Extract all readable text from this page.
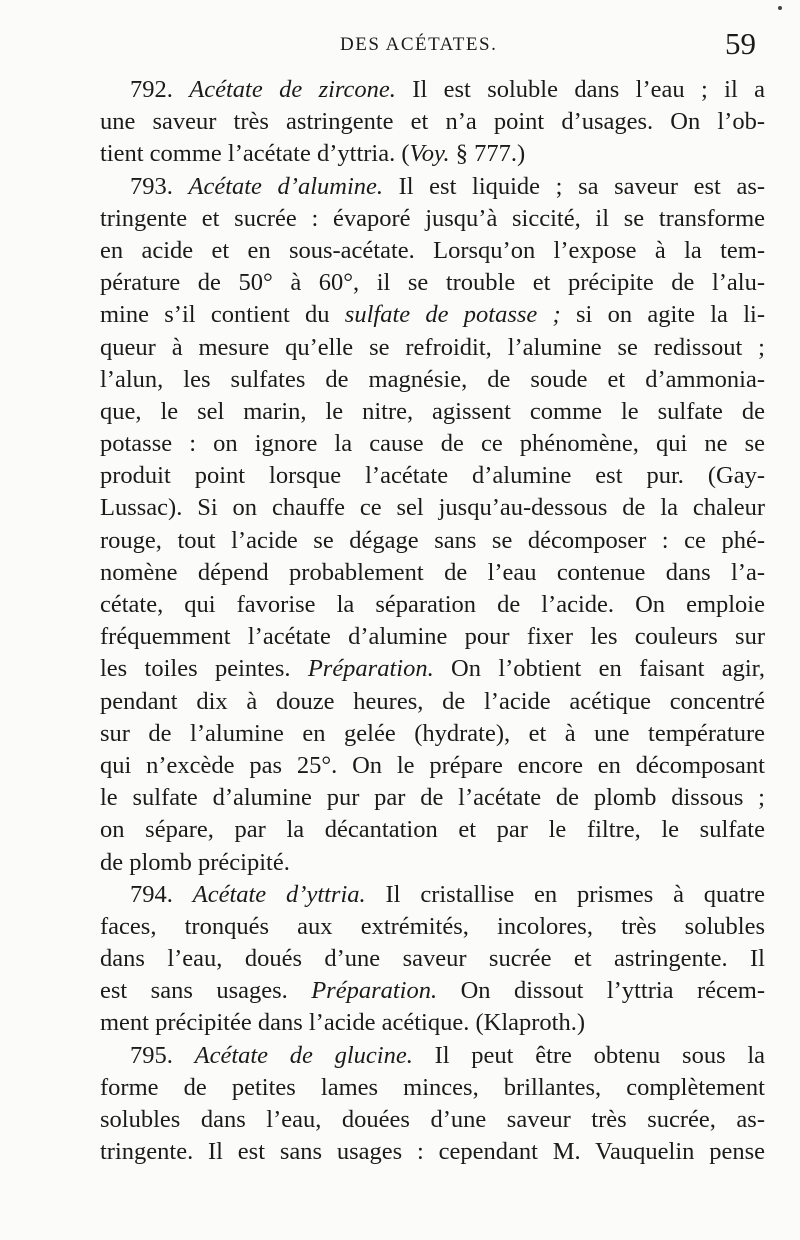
DES ACÉTATES.	59
792. Acétate de zircone. Il est soluble dans l’eau ; il a
une saveur très astringente et n’a point d’usages. On l’ob-
tient comme l’acétate d’yttria. (Voy. § 777.)
793. Acétate d’alumine. Il est liquide ; sa saveur est as-
tringente et sucrée : évaporé jusqu’à siccité, il se transforme
en acide et en sous-acétate. Lorsqu’on l’expose à la tem-
pérature de 50° à 60°, il se trouble et précipite de l’alu-
mine s’il contient du sulfate de potasse ; si on agite la li-
queur à mesure qu’elle se refroidit, l’alumine se redissout ;
l’alun, les sulfates de magnésie, de soude et d’ammonia-
que, le sel marin, le nitre, agissent comme le sulfate de
potasse : on ignore la cause de ce phénomène, qui ne se
produit point lorsque l’acétate d’alumine est pur. (Gay-
Lussac). Si on chauffe ce sel jusqu’au-dessous de la chaleur
rouge, tout l’acide se dégage sans se décomposer : ce phé-
nomène dépend probablement de l’eau contenue dans l’a-
cétate, qui favorise la séparation de l’acide. On emploie
fréquemment l’acétate d’alumine pour fixer les couleurs sur
les toiles peintes. Préparation. On l’obtient en faisant agir,
pendant dix à douze heures, de l’acide acétique concentré
sur de l’alumine en gelée (hydrate), et à une température
qui n’excède pas 25°. On le prépare encore en décomposant
le sulfate d’alumine pur par de l’acétate de plomb dissous ;
on sépare, par la décantation et par le filtre, le sulfate
de plomb précipité.
794. Acétate d’yttria. Il cristallise en prismes à quatre
faces, tronqués aux extrémités, incolores, très solubles
dans l’eau, doués d’une saveur sucrée et astringente. Il
est sans usages. Préparation. On dissout l’yttria récem-
ment précipitée dans l’acide acétique. (Klaproth.)
795. Acétate de glucine. Il peut être obtenu sous la
forme de petites lames minces, brillantes, complètement
solubles dans l’eau, douées d’une saveur très sucrée, as-
tringente. Il est sans usages : cependant M. Vauquelin pense
